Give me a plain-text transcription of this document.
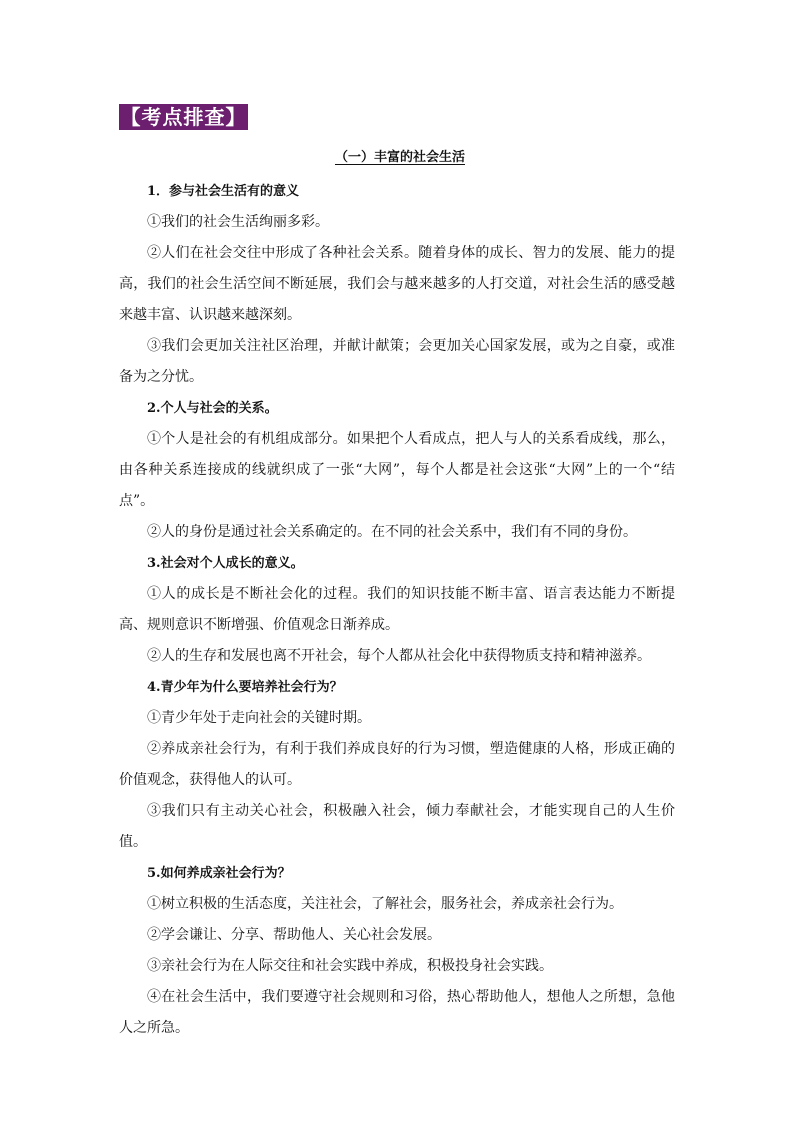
【考点排查】
（一）丰富的社会生活

1．参与社会生活有的意义

①我们的社会生活绚丽多彩。

②人们在社会交往中形成了各种社会关系。随着身体的成长、智力的发展、能力的提高，我们的社会生活空间不断延展，我们会与越来越多的人打交道，对社会生活的感受越来越丰富、认识越来越深刻。

③我们会更加关注社区治理，并献计献策；会更加关心国家发展，或为之自豪，或准备为之分忧。

2.个人与社会的关系。

①个人是社会的有机组成部分。如果把个人看成点，把人与人的关系看成线，那么，由各种关系连接成的线就织成了一张“大网”，每个人都是社会这张“大网”上的一个“结点”。

②人的身份是通过社会关系确定的。在不同的社会关系中，我们有不同的身份。

3.社会对个人成长的意义。

①人的成长是不断社会化的过程。我们的知识技能不断丰富、语言表达能力不断提高、规则意识不断增强、价值观念日渐养成。

②人的生存和发展也离不开社会，每个人都从社会化中获得物质支持和精神滋养。

4.青少年为什么要培养社会行为？

①青少年处于走向社会的关键时期。

②养成亲社会行为，有利于我们养成良好的行为习惯，塑造健康的人格，形成正确的价值观念，获得他人的认可。

③我们只有主动关心社会，积极融入社会，倾力奉献社会，才能实现自己的人生价值。

5.如何养成亲社会行为？

①树立积极的生活态度，关注社会，了解社会，服务社会，养成亲社会行为。

②学会谦让、分享、帮助他人、关心社会发展。

③亲社会行为在人际交往和社会实践中养成，积极投身社会实践。

④在社会生活中，我们要遵守社会规则和习俗，热心帮助他人，想他人之所想，急他人之所急。
